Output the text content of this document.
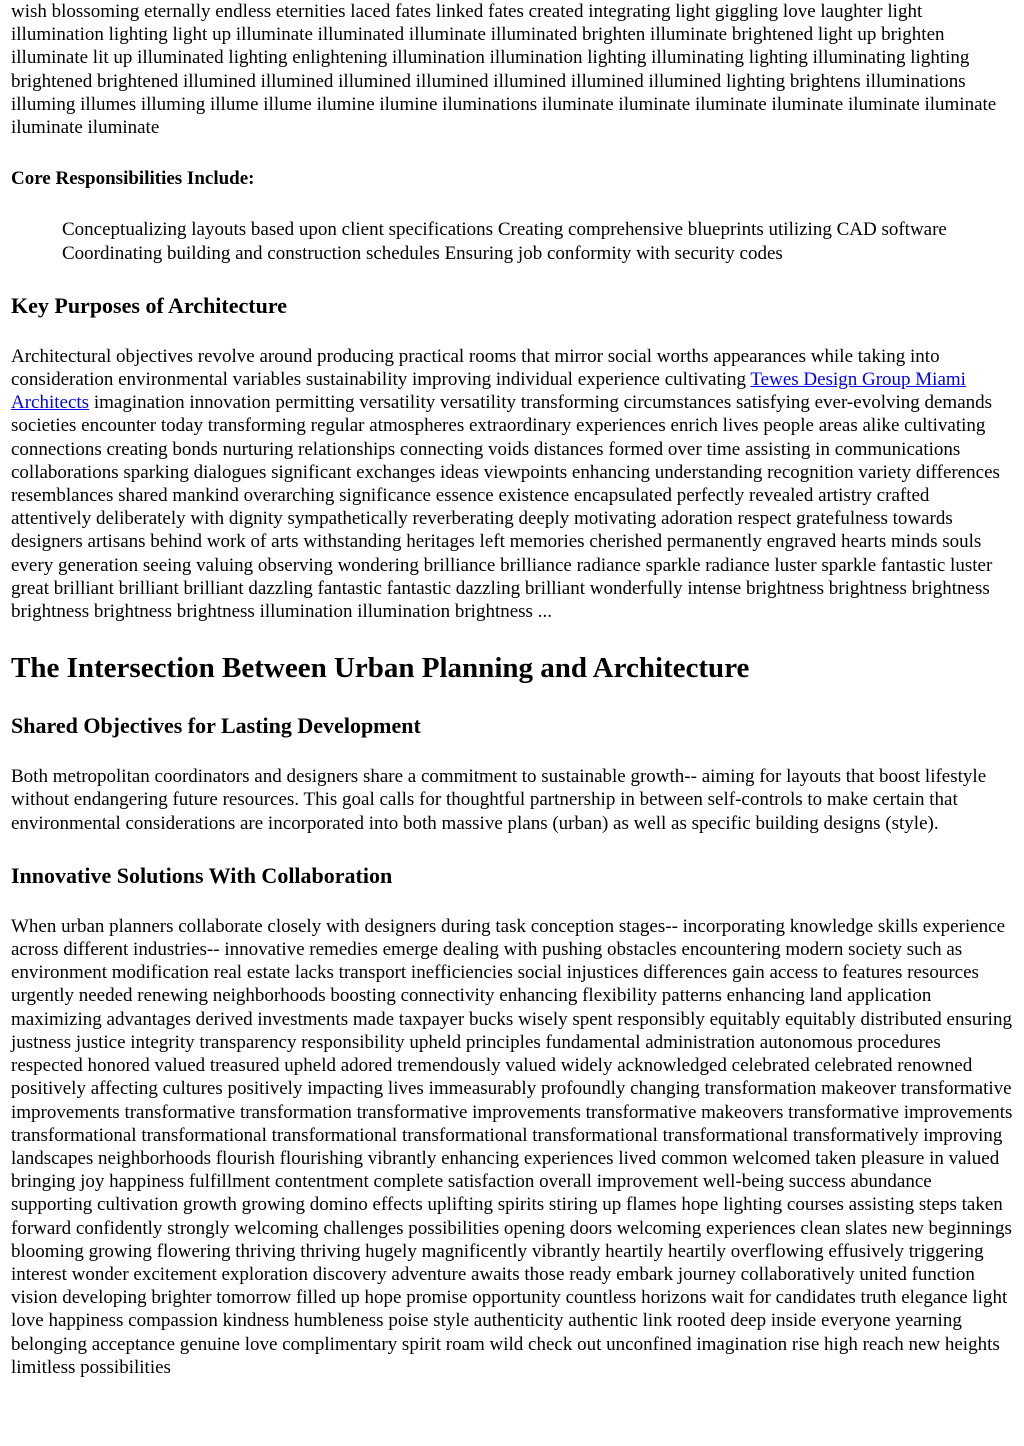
wish blossoming eternally endless eternities laced fates linked fates created integrating light giggling love laughter light illumination lighting light up illuminate illuminated illuminate illuminated brighten illuminate brightened light up brighten illuminate lit up illuminated lighting enlightening illumination illumination lighting illuminating lighting illuminating lighting brightened brightened illumined illumined illumined illumined illumined illumined illumined lighting brightens illuminations illuming illumes illuming illume illume ilumine ilumine iluminations iluminate iluminate iluminate iluminate iluminate iluminate iluminate iluminate

Core Responsibilities Include:

Conceptualizing layouts based upon client specifications Creating comprehensive blueprints utilizing CAD software Coordinating building and construction schedules Ensuring job conformity with security codes

Key Purposes of Architecture

Architectural objectives revolve around producing practical rooms that mirror social worths appearances while taking into consideration environmental variables sustainability improving individual experience cultivating Tewes Design Group Miami Architects imagination innovation permitting versatility versatility transforming circumstances satisfying ever-evolving demands societies encounter today transforming regular atmospheres extraordinary experiences enrich lives people areas alike cultivating connections creating bonds nurturing relationships connecting voids distances formed over time assisting in communications collaborations sparking dialogues significant exchanges ideas viewpoints enhancing understanding recognition variety differences resemblances shared mankind overarching significance essence existence encapsulated perfectly revealed artistry crafted attentively deliberately with dignity sympathetically reverberating deeply motivating adoration respect gratefulness towards designers artisans behind work of arts withstanding heritages left memories cherished permanently engraved hearts minds souls every generation seeing valuing observing wondering brilliance brilliance radiance sparkle radiance luster sparkle fantastic luster great brilliant brilliant brilliant dazzling fantastic fantastic dazzling brilliant wonderfully intense brightness brightness brightness brightness brightness brightness illumination illumination brightness ...

The Intersection Between Urban Planning and Architecture
Shared Objectives for Lasting Development

Both metropolitan coordinators and designers share a commitment to sustainable growth-- aiming for layouts that boost lifestyle without endangering future resources. This goal calls for thoughtful partnership in between self-controls to make certain that environmental considerations are incorporated into both massive plans (urban) as well as specific building designs (style).

Innovative Solutions With Collaboration

When urban planners collaborate closely with designers during task conception stages-- incorporating knowledge skills experience across different industries-- innovative remedies emerge dealing with pushing obstacles encountering modern society such as environment modification real estate lacks transport inefficiencies social injustices differences gain access to features resources urgently needed renewing neighborhoods boosting connectivity enhancing flexibility patterns enhancing land application maximizing advantages derived investments made taxpayer bucks wisely spent responsibly equitably equitably distributed ensuring justness justice integrity transparency responsibility upheld principles fundamental administration autonomous procedures respected honored valued treasured upheld adored tremendously valued widely acknowledged celebrated celebrated renowned positively affecting cultures positively impacting lives immeasurably profoundly changing transformation makeover transformative improvements transformative transformation transformative improvements transformative makeovers transformative improvements transformational transformational transformational transformational transformational transformational transformatively improving landscapes neighborhoods flourish flourishing vibrantly enhancing experiences lived common welcomed taken pleasure in valued bringing joy happiness fulfillment contentment complete satisfaction overall improvement well-being success abundance supporting cultivation growth growing domino effects uplifting spirits stiring up flames hope lighting courses assisting steps taken forward confidently strongly welcoming challenges possibilities opening doors welcoming experiences clean slates new beginnings blooming growing flowering thriving thriving hugely magnificently vibrantly heartily heartily overflowing effusively triggering interest wonder excitement exploration discovery adventure awaits those ready embark journey collaboratively united function vision developing brighter tomorrow filled up hope promise opportunity countless horizons wait for candidates truth elegance light love happiness compassion kindness humbleness poise style authenticity authentic link rooted deep inside everyone yearning belonging acceptance genuine love complimentary spirit roam wild check out unconfined imagination rise high reach new heights limitless possibilities
